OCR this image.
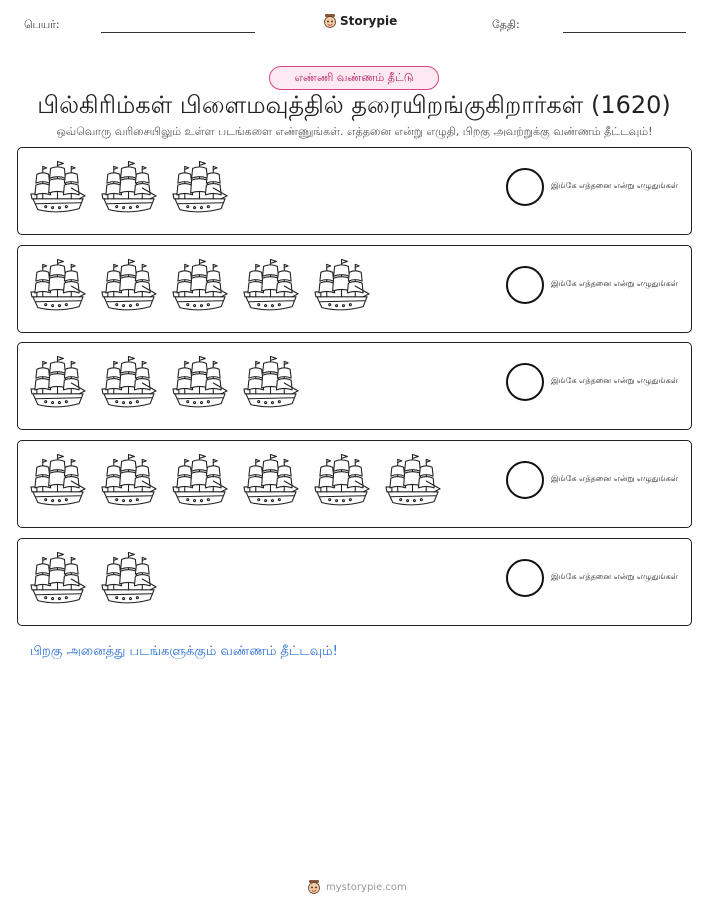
பெயர்:	Storypie	தேதி:
எண்ணி வண்ணம் தீட்டு
பில்கிரிம்கள் பிளைமவுத்தில் தரையிறங்குகிறார்கள் (1620)
ஒவ்வொரு வரிசையிலும் உள்ள படங்களை எண்ணுங்கள். எத்தனை என்று எழுதி, பிறகு அவற்றுக்கு வண்ணம் தீட்டவும்!
இங்கே எத்தனை என்று எழுதுங்கள்
இங்கே எத்தனை என்று எழுதுங்கள்
இங்கே எத்தனை என்று எழுதுங்கள்
இங்கே எத்தனை என்று எழுதுங்கள்
இங்கே எத்தனை என்று எழுதுங்கள்
பிறகு அனைத்து படங்களுக்கும் வண்ணம் தீட்டவும்!
mystorypie.com
